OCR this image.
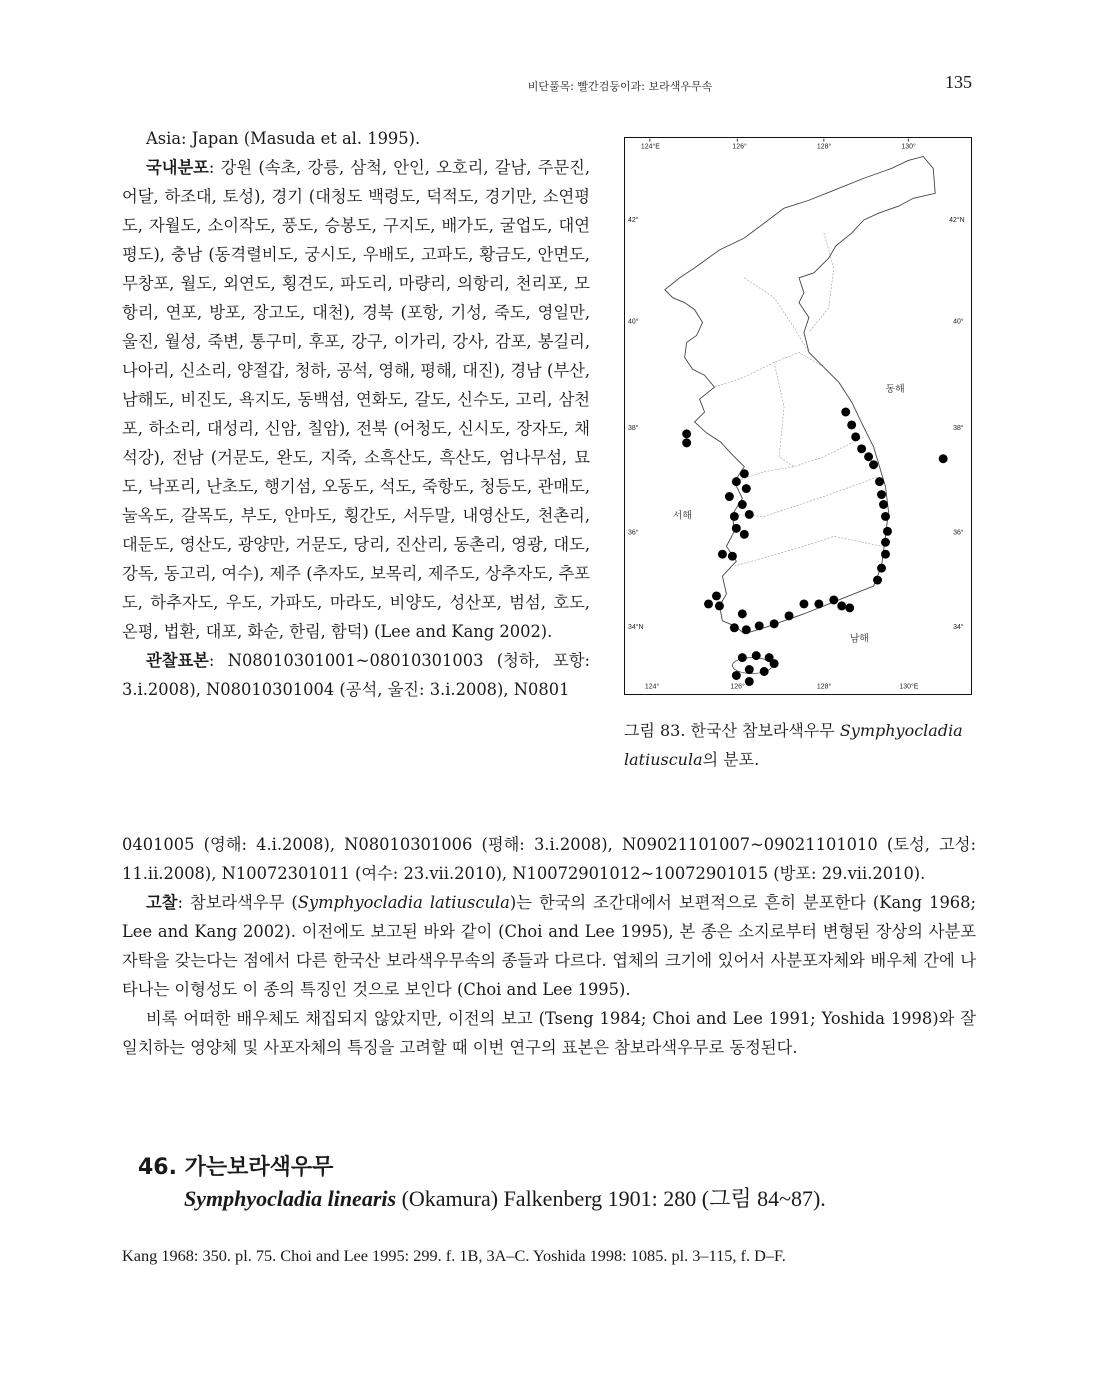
비단풀목: 빨간검둥이과: 보라색우무속	135

Asia: Japan (Masuda et al. 1995).

국내분포: 강원 (속초, 강릉, 삼척, 안인, 오호리, 갈남, 주문진, 어달, 하조대, 토성), 경기 (대청도 백령도, 덕적도, 경기만, 소연평도, 자월도, 소이작도, 풍도, 승봉도, 구지도, 배가도, 굴업도, 대연평도), 충남 (동격렬비도, 궁시도, 우배도, 고파도, 황금도, 안면도, 무창포, 월도, 외연도, 횡견도, 파도리, 마량리, 의항리, 천리포, 모항리, 연포, 방포, 장고도, 대천), 경북 (포항, 기성, 죽도, 영일만, 울진, 월성, 죽변, 통구미, 후포, 강구, 이가리, 강사, 감포, 봉길리, 나아리, 신소리, 양절갑, 청하, 공석, 영해, 평해, 대진), 경남 (부산, 남해도, 비진도, 욕지도, 동백섬, 연화도, 갈도, 신수도, 고리, 삼천포, 하소리, 대성리, 신암, 칠암), 전북 (어청도, 신시도, 장자도, 채석강), 전남 (거문도, 완도, 지죽, 소흑산도, 흑산도, 엄나무섬, 묘도, 낙포리, 난초도, 행기섬, 오동도, 석도, 죽항도, 청등도, 관매도, 눌옥도, 갈목도, 부도, 안마도, 횡간도, 서두말, 내영산도, 천촌리, 대둔도, 영산도, 광양만, 거문도, 당리, 진산리, 동촌리, 영광, 대도, 강독, 동고리, 여수), 제주 (추자도, 보목리, 제주도, 상추자도, 추포도, 하추자도, 우도, 가파도, 마라도, 비양도, 성산포, 범섬, 호도, 온평, 법환, 대포, 화순, 한림, 함덕) (Lee and Kang 2002).

관찰표본: N08010301001~08010301003 (청하, 포항: 3.i.2008), N08010301004 (공석, 울진: 3.i.2008), N0801

124°E	126°	128°	130°
124°	126°	128°	130°E
42°
40°
38°
36°
34°N
42°N
40°
38°
36°
34°
동해
서해
남해
그림 83. 한국산 참보라색우무 Symphyocladia latiuscula의 분포.

0401005 (영해: 4.i.2008), N08010301006 (평해: 3.i.2008), N09021101007~09021101010 (토성, 고성: 11.ii.2008), N10072301011 (여수: 23.vii.2010), N10072901012~10072901015 (방포: 29.vii.2010).

고찰: 참보라색우무 (Symphyocladia latiuscula)는 한국의 조간대에서 보편적으로 흔히 분포한다 (Kang 1968; Lee and Kang 2002). 이전에도 보고된 바와 같이 (Choi and Lee 1995), 본 종은 소지로부터 변형된 장상의 사분포자탁을 갖는다는 점에서 다른 한국산 보라색우무속의 종들과 다르다. 엽체의 크기에 있어서 사분포자체와 배우체 간에 나타나는 이형성도 이 종의 특징인 것으로 보인다 (Choi and Lee 1995).

비록 어떠한 배우체도 채집되지 않았지만, 이전의 보고 (Tseng 1984; Choi and Lee 1991; Yoshida 1998)와 잘 일치하는 영양체 및 사포자체의 특징을 고려할 때 이번 연구의 표본은 참보라색우무로 동정된다.

46. 가는보라색우무
Symphyocladia linearis (Okamura) Falkenberg 1901: 280 (그림 84~87).
Kang 1968: 350. pl. 75. Choi and Lee 1995: 299. f. 1B, 3A–C. Yoshida 1998: 1085. pl. 3–115, f. D–F.
